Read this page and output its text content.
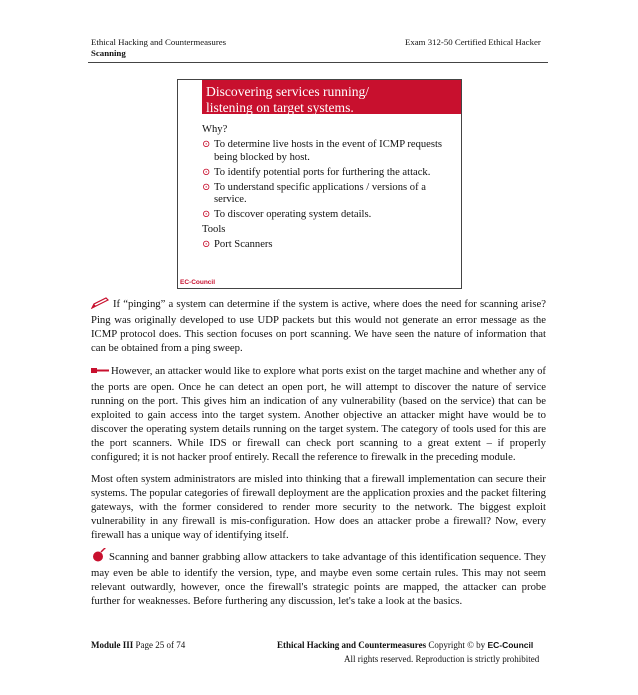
Ethical Hacking and Countermeasures
Scanning
Exam 312-50 Certified Ethical Hacker
Discovering services running/
listening on target systems.
Why?
⊙ To determine live hosts in the event of ICMP requests being blocked by host.
⊙ To identify potential ports for furthering the attack.
⊙ To understand specific applications / versions of a service.
⊙ To discover operating system details.
Tools
⊙ Port Scanners
EC-Council
If “pinging” a system can determine if the system is active, where does the need for scanning arise? Ping was originally developed to use UDP packets but this would not generate an error message as the ICMP protocol does. This section focuses on port scanning. We have seen the nature of information that can be obtained from a ping sweep.
However, an attacker would like to explore what ports exist on the target machine and whether any of the ports are open. Once he can detect an open port, he will attempt to discover the nature of service running on the port. This gives him an indication of any vulnerability (based on the service) that can be exploited to gain access into the target system. Another objective an attacker might have would be to discover the operating system details running on the target system. The category of tools used for this are the port scanners. While IDS or firewall can check port scanning to a great extent – if properly configured; it is not hacker proof entirely. Recall the reference to firewalk in the preceding module.
Most often system administrators are misled into thinking that a firewall implementation can secure their systems. The popular categories of firewall deployment are the application proxies and the packet filtering gateways, with the former considered to render more security to the network. The biggest exploit vulnerability in any firewall is mis-configuration. How does an attacker probe a firewall? Now, every firewall has a unique way of identifying itself.
Scanning and banner grabbing allow attackers to take advantage of this identification sequence. They may even be able to identify the version, type, and maybe even some certain rules. This may not seem relevant outwardly, however, once the firewall's strategic points are mapped, the attacker can probe further for weaknesses. Before furthering any discussion, let's take a look at the basics.
Module III Page 25 of 74	Ethical Hacking and Countermeasures Copyright © by EC-Council
All rights reserved. Reproduction is strictly prohibited
